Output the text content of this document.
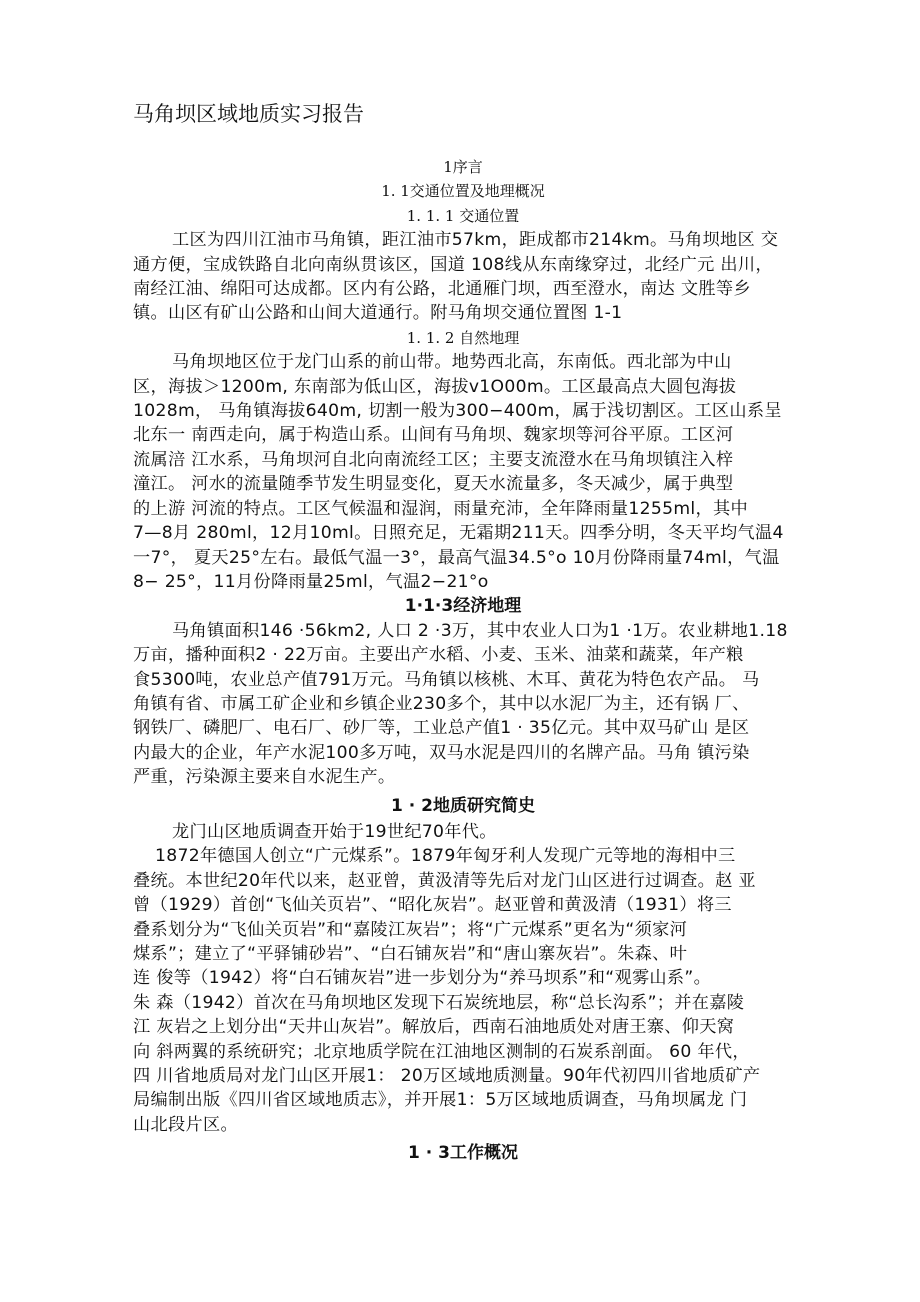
马角坝区域地质实习报告
1序言
1. 1交通位置及地理概况
1. 1. 1 交通位置
工区为四川江油市马角镇，距江油市57km，距成都市214km。马角坝地区 交
通方便，宝成铁路自北向南纵贯该区，国道 108线从东南缘穿过，北经广元 出川，
南经江油、绵阳可达成都。区内有公路，北通雁门坝，西至澄水，南达 文胜等乡
镇。山区有矿山公路和山间大道通行。附马角坝交通位置图 1-1
1. 1. 2 自然地理
马角坝地区位于龙门山系的前山带。地势西北高，东南低。西北部为中山
区，海拔＞1200m, 东南部为低山区，海拔v1O00m。工区最高点大圆包海拔
1028m， 马角镇海拔640m, 切割一般为300−400m，属于浅切割区。工区山系呈
北东一 南西走向，属于构造山系。山间有马角坝、魏家坝等河谷平原。工区河
流属涪 江水系，马角坝河自北向南流经工区；主要支流澄水在马角坝镇注入梓
潼江。 河水的流量随季节发生明显变化，夏天水流量多，冬天减少，属于典型
的上游 河流的特点。工区气候温和湿润，雨量充沛，全年降雨量1255ml，其中
7—8月 280ml，12月10ml。日照充足，无霜期211天。四季分明，冬天平均气温4
一7°， 夏天25°左右。最低气温一3°，最高气温34.5°o 10月份降雨量74ml，气温
8− 25°，11月份降雨量25ml，气温2−21°o
1·1·3经济地理
马角镇面积146 ·56km2, 人口 2 ·3万，其中农业人口为1 ·1万。农业耕地1.18
万亩，播种面积2 · 22万亩。主要出产水稻、小麦、玉米、油菜和蔬菜，年产粮
食5300吨，农业总产值791万元。马角镇以核桃、木耳、黄花为特色农产品。 马
角镇有省、市属工矿企业和乡镇企业230多个，其中以水泥厂为主，还有锅 厂、
钢铁厂、磷肥厂、电石厂、砂厂等，工业总产值1 · 35亿元。其中双马矿山 是区
内最大的企业，年产水泥100多万吨，双马水泥是四川的名牌产品。马角 镇污染
严重，污染源主要来自水泥生产。
1 · 2地质研究简史
龙门山区地质调查开始于19世纪70年代。
1872年德国人创立“广元煤系”。1879年匈牙利人发现广元等地的海相中三
叠统。本世纪20年代以来，赵亚曾，黄汲清等先后对龙门山区进行过调查。赵 亚
曾（1929）首创“飞仙关页岩”、“昭化灰岩”。赵亚曾和黄汲清（1931）将三
叠系划分为“飞仙关页岩”和“嘉陵江灰岩”；将“广元煤系”更名为“须家河
煤系”；建立了“平驿铺砂岩”、“白石铺灰岩”和“唐山寨灰岩”。朱森、叶
连 俊等（1942）将“白石铺灰岩”进一步划分为“养马坝系”和“观雾山系”。
朱 森（1942）首次在马角坝地区发现下石炭统地层，称“总长沟系”；并在嘉陵
江 灰岩之上划分出“天井山灰岩”。解放后，西南石油地质处对唐王寨、仰天窝
向 斜两翼的系统研究；北京地质学院在江油地区测制的石炭系剖面。 60 年代，
四 川省地质局对龙门山区开展1： 20万区域地质测量。90年代初四川省地质矿产
局编制出版《四川省区域地质志》，并开展1：5万区域地质调查，马角坝属龙 门
山北段片区。
1 · 3工作概况
